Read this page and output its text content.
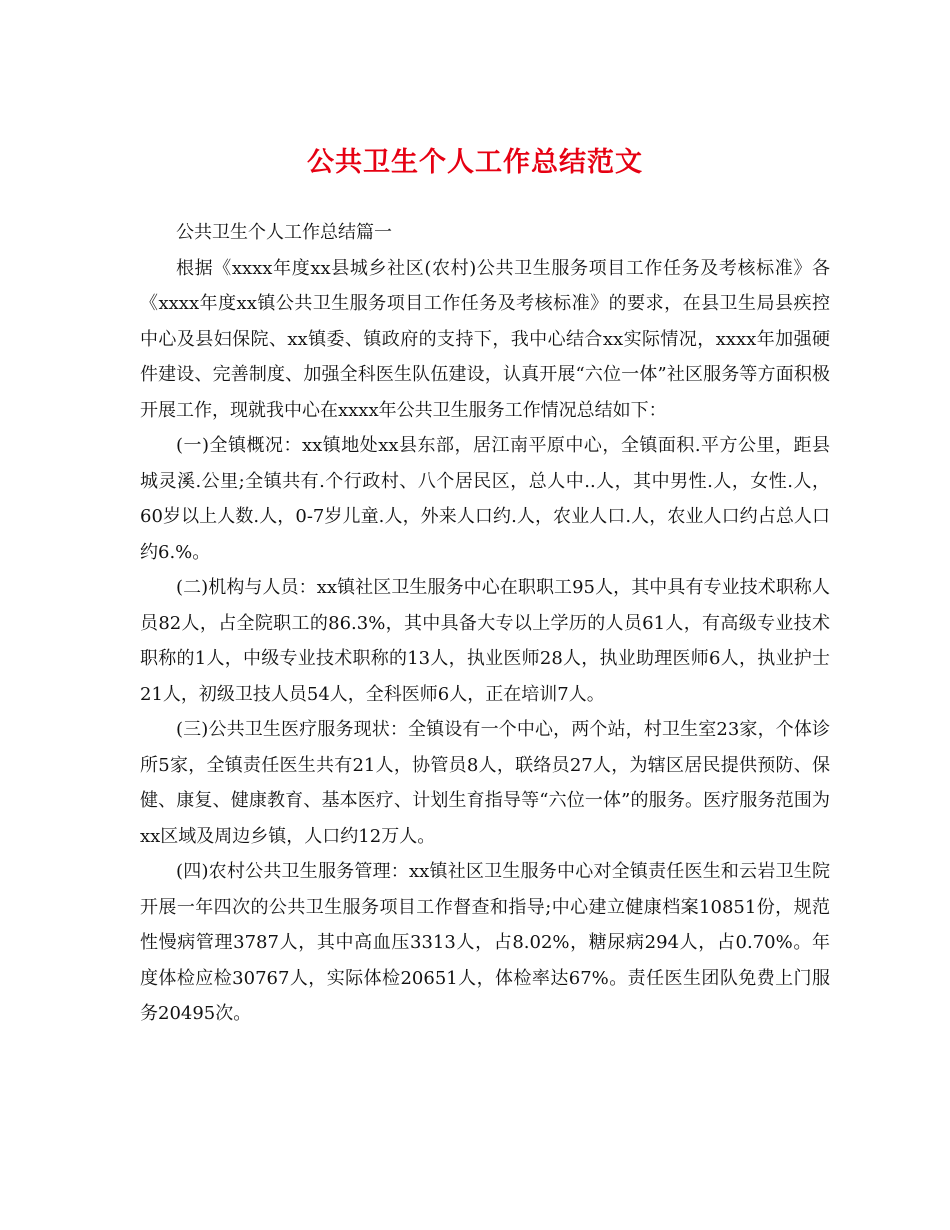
公共卫生个人工作总结范文

公共卫生个人工作总结篇一

根据《xxxx年度xx县城乡社区(农村)公共卫生服务项目工作任务及考核标准》各《xxxx年度xx镇公共卫生服务项目工作任务及考核标准》的要求，在县卫生局县疾控中心及县妇保院、xx镇委、镇政府的支持下，我中心结合xx实际情况，xxxx年加强硬件建设、完善制度、加强全科医生队伍建设，认真开展“六位一体”社区服务等方面积极开展工作，现就我中心在xxxx年公共卫生服务工作情况总结如下：

(一)全镇概况：xx镇地处xx县东部，居江南平原中心，全镇面积.平方公里，距县城灵溪.公里;全镇共有.个行政村、八个居民区，总人中..人，其中男性.人，女性.人，60岁以上人数.人，0-7岁儿童.人，外来人口约.人，农业人口.人，农业人口约占总人口约6.%。

(二)机构与人员：xx镇社区卫生服务中心在职职工95人，其中具有专业技术职称人员82人，占全院职工的86.3%，其中具备大专以上学历的人员61人，有高级专业技术职称的1人，中级专业技术职称的13人，执业医师28人，执业助理医师6人，执业护士21人，初级卫技人员54人，全科医师6人，正在培训7人。

(三)公共卫生医疗服务现状：全镇设有一个中心，两个站，村卫生室23家，个体诊所5家，全镇责任医生共有21人，协管员8人，联络员27人，为辖区居民提供预防、保健、康复、健康教育、基本医疗、计划生育指导等“六位一体”的服务。医疗服务范围为xx区域及周边乡镇，人口约12万人。

(四)农村公共卫生服务管理：xx镇社区卫生服务中心对全镇责任医生和云岩卫生院开展一年四次的公共卫生服务项目工作督查和指导;中心建立健康档案10851份，规范性慢病管理3787人，其中高血压3313人，占8.02%，糖尿病294人，占0.70%。年度体检应检30767人，实际体检20651人，体检率达67%。责任医生团队免费上门服务20495次。
